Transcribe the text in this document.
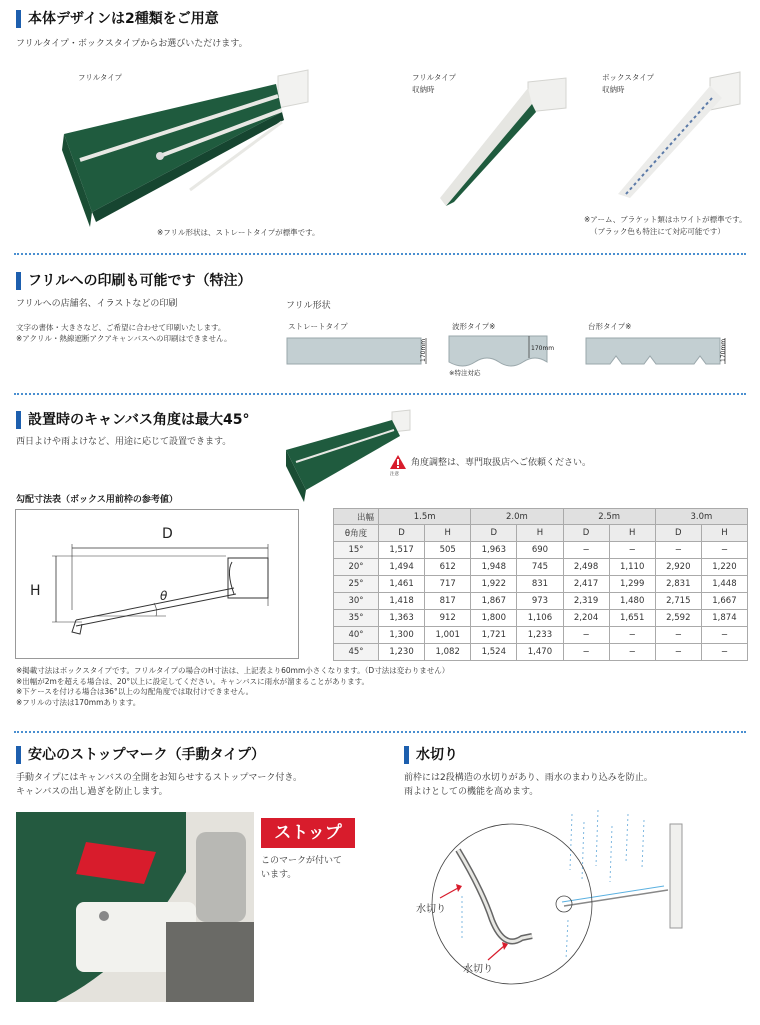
本体デザインは2種類をご用意
フリルタイプ・ボックスタイプからお選びいただけます。
フリルタイプ	フリルタイプ
収納時
ボックスタイプ
収納時
※フリル形状は、ストレートタイプが標準です。
※アーム、ブラケット類はホワイトが標準です。
（ブラック色も特注にて対応可能です）
フリルへの印刷も可能です（特注）
フリルへの店舗名、イラストなどの印刷
文字の書体・大きさなど、ご希望に合わせて印刷いたします。
※アクリル・熱線遮断アクアキャンバスへの印刷はできません。
フリル形状
ストレートタイプ	波形タイプ※	台形タイプ※
170mm	170mm
※特注対応
170mm
設置時のキャンバス角度は最大45°
西日よけや雨よけなど、用途に応じて設置できます。
注意
角度調整は、専門取扱店へご依頼ください。
勾配寸法表（ボックス用前枠の参考値）
D
H	θ
出幅	1.5m		2.0m		2.5m		3.0m	
θ角度	D	H	D	H	D	H	D	H
15°	1,517	505	1,963	690	−	−	−	−
20°	1,494	612	1,948	745	2,498	1,110	2,920	1,220
25°	1,461	717	1,922	831	2,417	1,299	2,831	1,448
30°	1,418	817	1,867	973	2,319	1,480	2,715	1,667
35°	1,363	912	1,800	1,106	2,204	1,651	2,592	1,874
40°	1,300	1,001	1,721	1,233	−	−	−	−
45°	1,230	1,082	1,524	1,470	−	−	−	−
※掲載寸法はボックスタイプです。フリルタイプの場合のH寸法は、上記表より60mm小さくなります。（D寸法は変わりません）
※出幅が2mを超える場合は、20°以上に設定してください。キャンバスに雨水が溜まることがあります。
※下ケースを付ける場合は36°以上の勾配角度では取付けできません。
※フリルの寸法は170mmあります。
安心のストップマーク（手動タイプ）
手動タイプにはキャンバスの全開をお知らせするストップマーク付き。
キャンバスの出し過ぎを防止します。
ストップ
このマークが付いて
います。
水切り
前枠には2段構造の水切りがあり、雨水のまわり込みを防止。
雨よけとしての機能を高めます。
水切り
水切り
